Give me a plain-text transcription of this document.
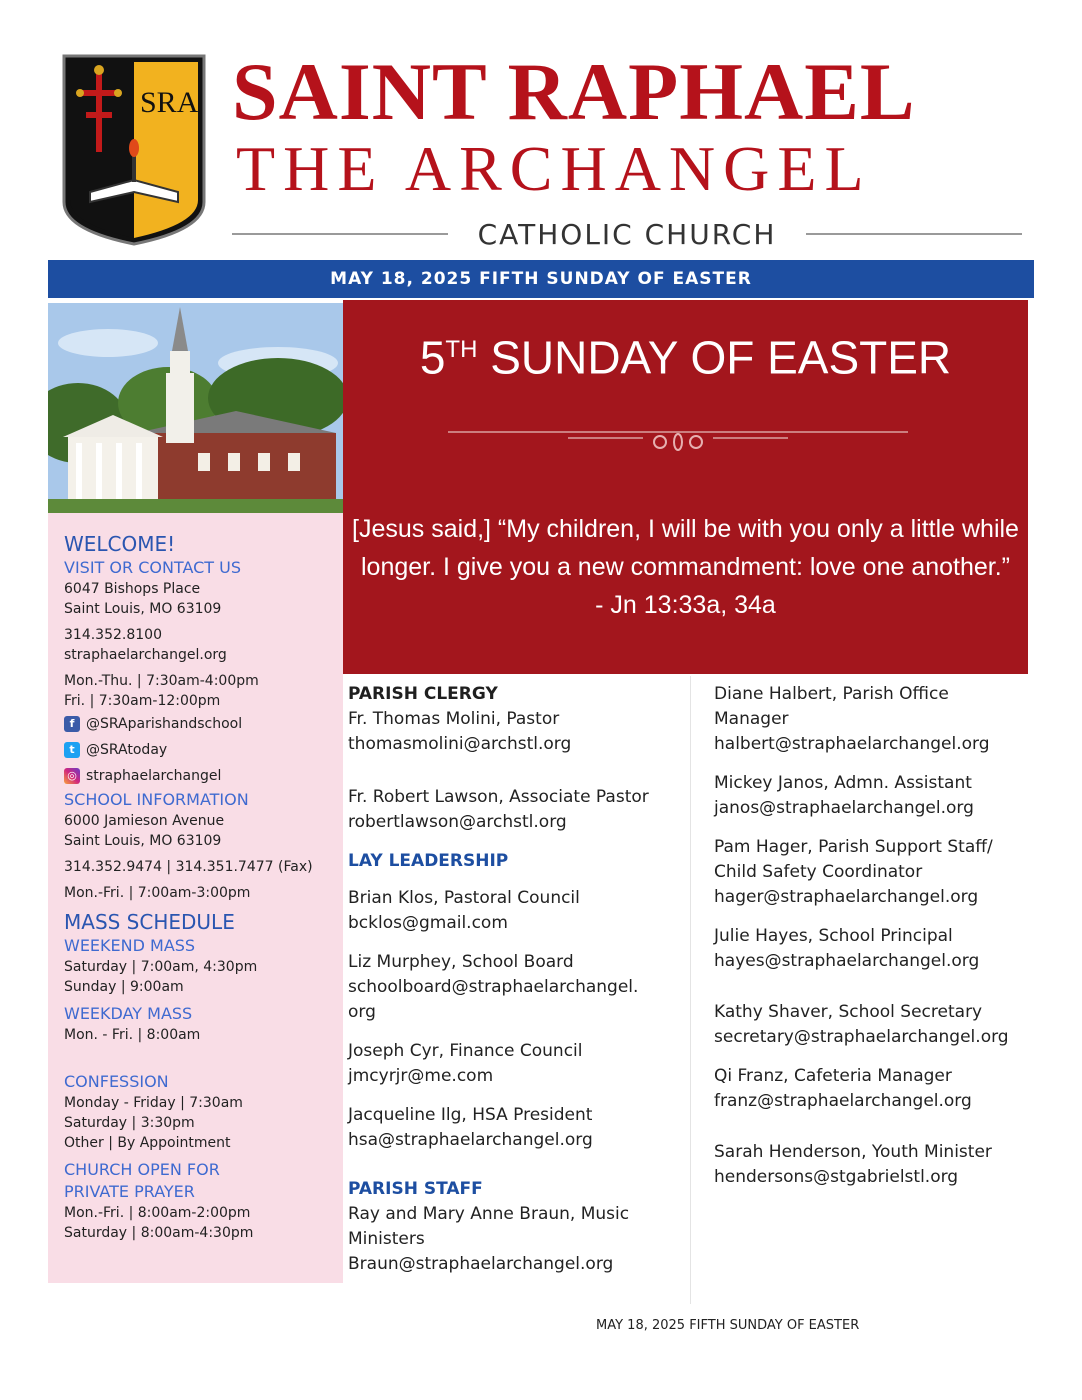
SRA SAINT RAPHAEL
THE ARCHANGEL
CATHOLIC CHURCH
MAY 18, 2025 FIFTH SUNDAY OF EASTER
WELCOME!
VISIT OR CONTACT US
6047 Bishops Place
Saint Louis, MO 63109
314.352.8100
straphaelarchangel.org
Mon.-Thu. | 7:30am-4:00pm
Fri. | 7:30am-12:00pm
f @SRAparishandschool
t @SRAtoday
◎ straphaelarchangel
SCHOOL INFORMATION
6000 Jamieson Avenue
Saint Louis, MO 63109
314.352.9474 | 314.351.7477 (Fax)
Mon.-Fri. | 7:00am-3:00pm
MASS SCHEDULE
WEEKEND MASS
Saturday | 7:00am, 4:30pm
Sunday | 9:00am
WEEKDAY MASS
Mon. - Fri. | 8:00am
CONFESSION
Monday - Friday | 7:30am
Saturday | 3:30pm
Other | By Appointment
CHURCH OPEN FOR
PRIVATE PRAYER
Mon.-Fri. | 8:00am-2:00pm
Saturday | 8:00am-4:30pm
5TH SUNDAY OF EASTER
[Jesus said,] “My children, I will be with you only a little while
longer. I give you a new commandment: love one another.”
- Jn 13:33a, 34a
PARISH CLERGY
Fr. Thomas Molini, Pastor
thomasmolini@archstl.org
Fr. Robert Lawson, Associate Pastor
robertlawson@archstl.org
LAY LEADERSHIP
Brian Klos, Pastoral Council
bcklos@gmail.com
Liz Murphey, School Board
schoolboard@straphaelarchangel.
org
Joseph Cyr, Finance Council
jmcyrjr@me.com
Jacqueline Ilg, HSA President
hsa@straphaelarchangel.org
PARISH STAFF
Ray and Mary Anne Braun, Music
Ministers
Braun@straphaelarchangel.org
Diane Halbert, Parish Office
Manager
halbert@straphaelarchangel.org
Mickey Janos, Admn. Assistant
janos@straphaelarchangel.org
Pam Hager, Parish Support Staff/
Child Safety Coordinator
hager@straphaelarchangel.org
Julie Hayes, School Principal
hayes@straphaelarchangel.org
Kathy Shaver, School Secretary
secretary@straphaelarchangel.org
Qi Franz, Cafeteria Manager
franz@straphaelarchangel.org
Sarah Henderson, Youth Minister
hendersons@stgabrielstl.org
MAY 18, 2025 FIFTH SUNDAY OF EASTER
